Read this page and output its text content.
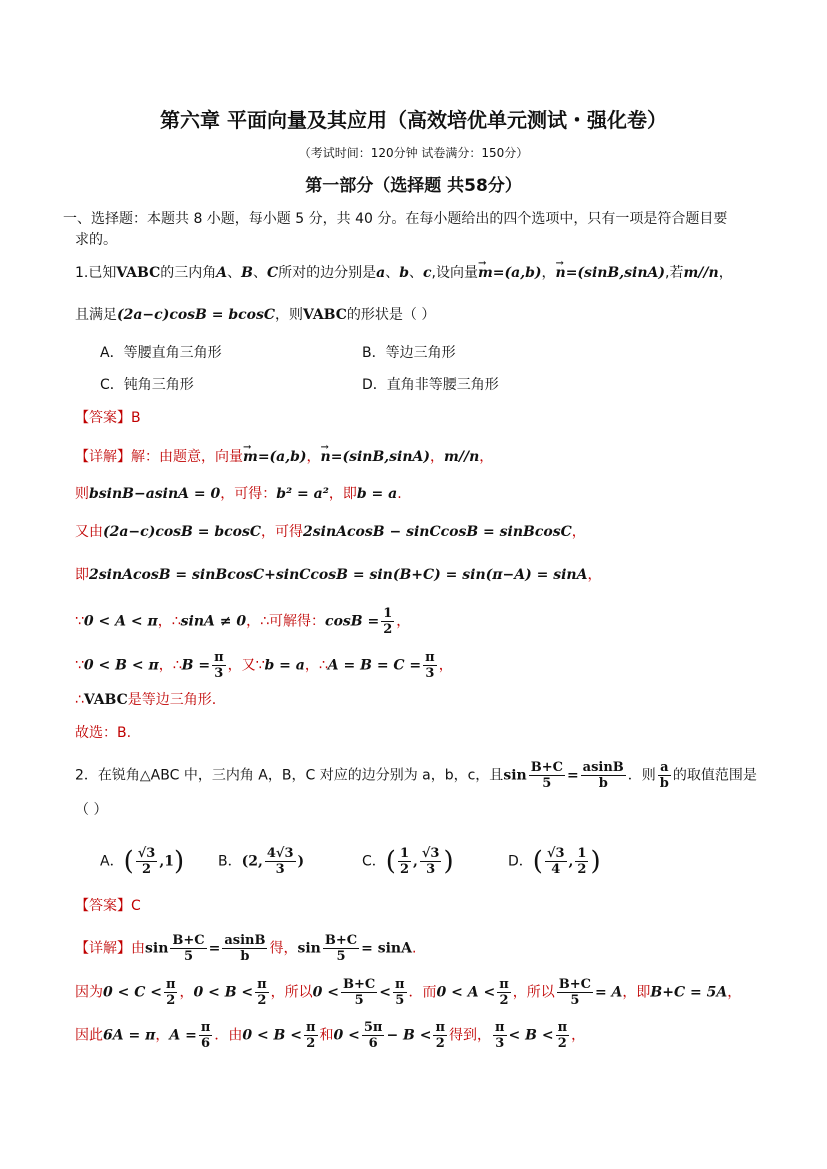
第六章 平面向量及其应用（高效培优单元测试・强化卷）
（考试时间：120分钟 试卷满分：150分）
第一部分（选择题 共58分）
一、选择题：本题共 8 小题，每小题 5 分，共 40 分。在每小题给出的四个选项中，只有一项是符合题目要
求的。
1.已知VABC的三内角A、B、C所对的边分别是a、b、c,设向量→ m=(a,b)，→ n=(sinB,sinA),若m//n，
且满足(2a−c)cosB = bcosC，则VABC的形状是（ ）
A．等腰直角三角形	B．等边三角形
C．钝角三角形	D．直角非等腰三角形
【答案】B
【详解】解：由题意，向量→ m=(a,b)，→ n=(sinB,sinA)，m//n，
则bsinB−asinA = 0，可得：b² = a²，即b = a.
又由(2a−c)cosB = bcosC，可得2sinAcosB − sinCcosB = sinBcosC，
即2sinAcosB = sinBcosC+sinCcosB = sin(B+C) = sin(π−A) = sinA，
∵0 < A < π，∴sinA ≠ 0，∴可解得：$\cos B = \frac{1}{2}$ ，
∵0 < B < π，∴B = $\frac{\pi}{3}$ ，又∵b = a，∴A = $B = C = \frac{\pi}{3}$ ，
∴VABC是等边三角形.
故选：B.
2．在锐角△ABC 中，三内角 A，B，C 对应的边分别为 a，b，c，且$\sin \frac{B+C}{5} = \frac{asinB}{b}$ ．则 $\frac{a}{b}$ 的取值范围是
（ ）
A．( $\frac{√3}{2} ,1$) B．(2, $\frac{4√3}{3}$ )	C．( $\frac{1}{2}$ , $\frac{√3}{3}$ )	D．( $\frac{√3}{4}$ , $\frac{1}{2}$ )
【答案】C
【详解】由$\sin \frac{B+C}{5} = \frac{asinB}{b}$ 得，$\sin \frac{B+C}{5} = \sin A$.
因为$0 < C < \frac{\pi}{2}$ ，$0 < B < \frac{\pi}{2}$ ，所以$0 < \frac{B+C}{5} < \frac{\pi}{5}$ ．而$0 < A < \frac{\pi}{2}$ ，所以 $\frac{B+C}{5} = A$，即B+C = 5A，
因此6A = π，$A = \frac{\pi}{6}$ ．由$0 < B < \frac{\pi}{2}$ 和$0 < \frac{5\pi}{6} - B < \frac{\pi}{2}$ 得到， $\frac{\pi}{3} < B < \frac{\pi}{2}$ ，
